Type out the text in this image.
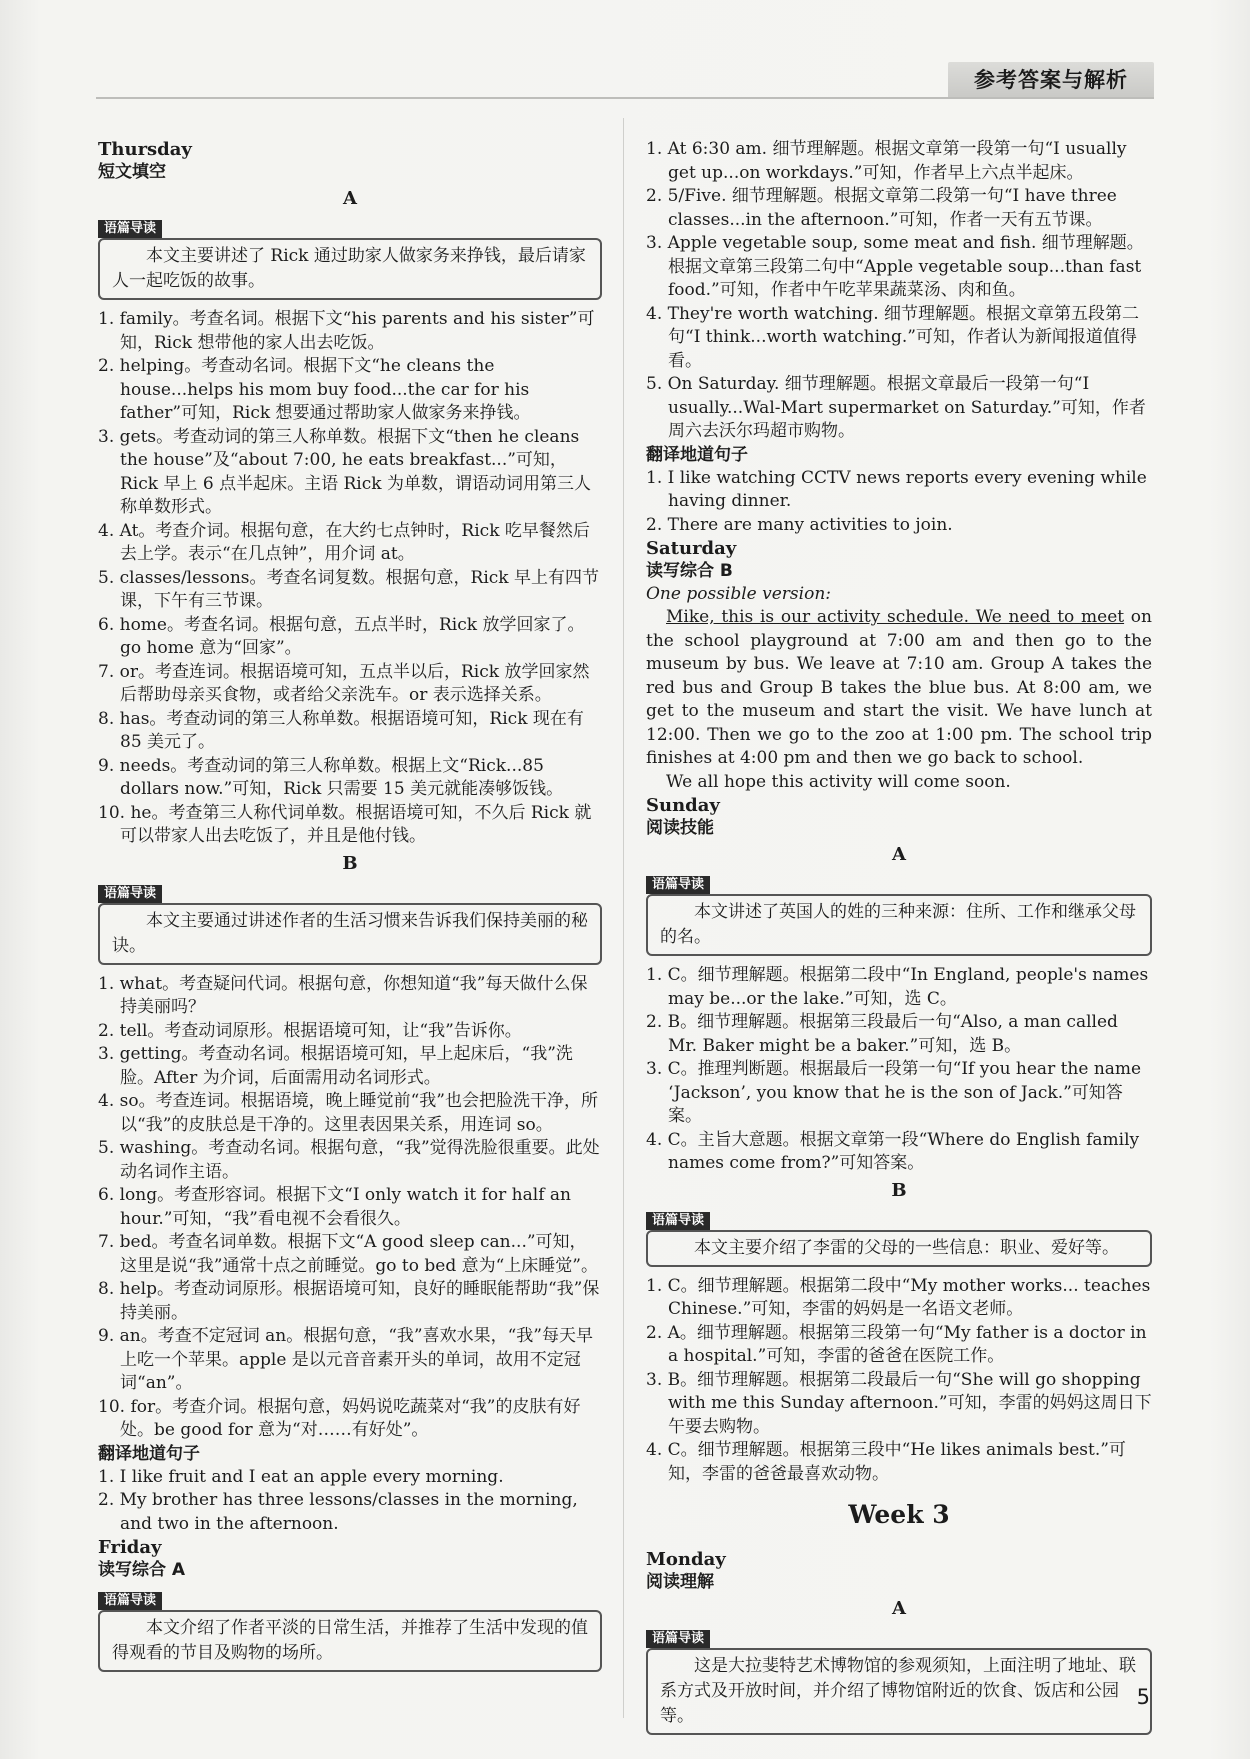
参考答案与解析

Thursday

短文填空

A

语篇导读
本文主要讲述了 Rick 通过助家人做家务来挣钱，最后请家人一起吃饭的故事。

1. family。考查名词。根据下文“his parents and his sister”可知，Rick 想带他的家人出去吃饭。

2. helping。考查动名词。根据下文“he cleans the house...helps his mom buy food...the car for his father”可知，Rick 想要通过帮助家人做家务来挣钱。

3. gets。考查动词的第三人称单数。根据下文“then he cleans the house”及“about 7:00, he eats breakfast...”可知，Rick 早上 6 点半起床。主语 Rick 为单数，谓语动词用第三人称单数形式。

4. At。考查介词。根据句意，在大约七点钟时，Rick 吃早餐然后去上学。表示“在几点钟”，用介词 at。

5. classes/lessons。考查名词复数。根据句意，Rick 早上有四节课，下午有三节课。

6. home。考查名词。根据句意，五点半时，Rick 放学回家了。go home 意为“回家”。

7. or。考查连词。根据语境可知，五点半以后，Rick 放学回家然后帮助母亲买食物，或者给父亲洗车。or 表示选择关系。

8. has。考查动词的第三人称单数。根据语境可知，Rick 现在有 85 美元了。

9. needs。考查动词的第三人称单数。根据上文“Rick...85 dollars now.”可知，Rick 只需要 15 美元就能凑够饭钱。

10. he。考查第三人称代词单数。根据语境可知，不久后 Rick 就可以带家人出去吃饭了，并且是他付钱。

B

语篇导读
本文主要通过讲述作者的生活习惯来告诉我们保持美丽的秘诀。

1. what。考查疑问代词。根据句意，你想知道“我”每天做什么保持美丽吗？

2. tell。考查动词原形。根据语境可知，让“我”告诉你。

3. getting。考查动名词。根据语境可知，早上起床后，“我”洗脸。After 为介词，后面需用动名词形式。

4. so。考查连词。根据语境，晚上睡觉前“我”也会把脸洗干净，所以“我”的皮肤总是干净的。这里表因果关系，用连词 so。

5. washing。考查动名词。根据句意，“我”觉得洗脸很重要。此处动名词作主语。

6. long。考查形容词。根据下文“I only watch it for half an hour.”可知，“我”看电视不会看很久。

7. bed。考查名词单数。根据下文“A good sleep can...”可知，这里是说“我”通常十点之前睡觉。go to bed 意为“上床睡觉”。

8. help。考查动词原形。根据语境可知，良好的睡眠能帮助“我”保持美丽。

9. an。考查不定冠词 an。根据句意，“我”喜欢水果，“我”每天早上吃一个苹果。apple 是以元音音素开头的单词，故用不定冠词“an”。

10. for。考查介词。根据句意，妈妈说吃蔬菜对“我”的皮肤有好处。be good for 意为“对……有好处”。

翻译地道句子

1. I like fruit and I eat an apple every morning.

2. My brother has three lessons/classes in the morning, and two in the afternoon.

Friday

读写综合 A

语篇导读
本文介绍了作者平淡的日常生活，并推荐了生活中发现的值得观看的节目及购物的场所。

1. At 6:30 am. 细节理解题。根据文章第一段第一句“I usually get up...on workdays.”可知，作者早上六点半起床。

2. 5/Five. 细节理解题。根据文章第二段第一句“I have three classes...in the afternoon.”可知，作者一天有五节课。

3. Apple vegetable soup, some meat and fish. 细节理解题。根据文章第三段第二句中“Apple vegetable soup...than fast food.”可知，作者中午吃苹果蔬菜汤、肉和鱼。

4. They're worth watching. 细节理解题。根据文章第五段第二句“I think...worth watching.”可知，作者认为新闻报道值得看。

5. On Saturday. 细节理解题。根据文章最后一段第一句“I usually...Wal-Mart supermarket on Saturday.”可知，作者周六去沃尔玛超市购物。

翻译地道句子

1. I like watching CCTV news reports every evening while having dinner.

2. There are many activities to join.

Saturday

读写综合 B

One possible version:

Mike, this is our activity schedule. We need to meet on the school playground at 7:00 am and then go to the museum by bus. We leave at 7:10 am. Group A takes the red bus and Group B takes the blue bus. At 8:00 am, we get to the museum and start the visit. We have lunch at 12:00. Then we go to the zoo at 1:00 pm. The school trip finishes at 4:00 pm and then we go back to school.

We all hope this activity will come soon.

Sunday

阅读技能

A

语篇导读
本文讲述了英国人的姓的三种来源：住所、工作和继承父母的名。

1. C。细节理解题。根据第二段中“In England, people's names may be...or the lake.”可知，选 C。

2. B。细节理解题。根据第三段最后一句“Also, a man called Mr. Baker might be a baker.”可知，选 B。

3. C。推理判断题。根据最后一段第一句“If you hear the name ‘Jackson’, you know that he is the son of Jack.”可知答案。

4. C。主旨大意题。根据文章第一段“Where do English family names come from?”可知答案。

B

语篇导读
本文主要介绍了李雷的父母的一些信息：职业、爱好等。

1. C。细节理解题。根据第二段中“My mother works... teaches Chinese.”可知，李雷的妈妈是一名语文老师。

2. A。细节理解题。根据第三段第一句“My father is a doctor in a hospital.”可知，李雷的爸爸在医院工作。

3. B。细节理解题。根据第二段最后一句“She will go shopping with me this Sunday afternoon.”可知，李雷的妈妈这周日下午要去购物。

4. C。细节理解题。根据第三段中“He likes animals best.”可知，李雷的爸爸最喜欢动物。

Week 3

Monday

阅读理解

A

语篇导读
这是大拉斐特艺术博物馆的参观须知，上面注明了地址、联系方式及开放时间，并介绍了博物馆附近的饮食、饭店和公园等。
5
